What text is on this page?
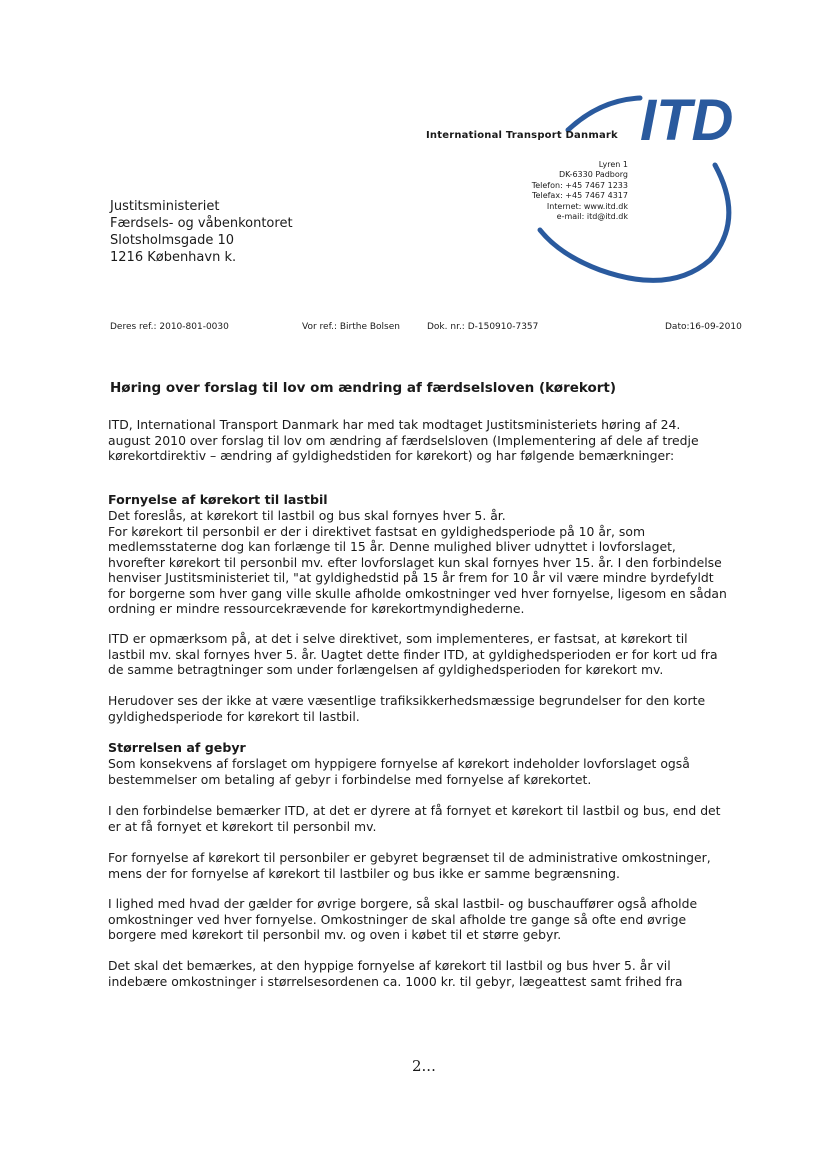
ITD
International Transport Danmark
Lyren 1
DK-6330 Padborg
Telefon: +45 7467 1233
Telefax: +45 7467 4317
Internet: www.itd.dk
e-mail: itd@itd.dk
Justitsministeriet
Færdsels- og våbenkontoret
Slotsholmsgade 10
1216 København k.
Deres ref.: 2010-801-0030	Vor ref.: Birthe Bolsen	Dok. nr.: D-150910-7357	Dato:16-09-2010
Høring over forslag til lov om ændring af færdselsloven (kørekort)

ITD, International Transport Danmark har med tak modtaget Justitsministeriets høring af 24.

august 2010 over forslag til lov om ændring af færdselsloven (Implementering af dele af tredje

kørekortdirektiv – ændring af gyldighedstiden for kørekort) og har følgende bemærkninger:

Fornyelse af kørekort til lastbil

Det foreslås, at kørekort til lastbil og bus skal fornyes hver 5. år.

For kørekort til personbil er der i direktivet fastsat en gyldighedsperiode på 10 år, som

medlemsstaterne dog kan forlænge til 15 år. Denne mulighed bliver udnyttet i lovforslaget,

hvorefter kørekort til personbil mv. efter lovforslaget kun skal fornyes hver 15. år. I den forbindelse

henviser Justitsministeriet til, "at gyldighedstid på 15 år frem for 10 år vil være mindre byrdefyldt

for borgerne som hver gang ville skulle afholde omkostninger ved hver fornyelse, ligesom en sådan

ordning er mindre ressourcekrævende for kørekortmyndighederne.

ITD er opmærksom på, at det i selve direktivet, som implementeres, er fastsat, at kørekort til

lastbil mv. skal fornyes hver 5. år. Uagtet dette finder ITD, at gyldighedsperioden er for kort ud fra

de samme betragtninger som under forlængelsen af gyldighedsperioden for kørekort mv.

Herudover ses der ikke at være væsentlige trafiksikkerhedsmæssige begrundelser for den korte

gyldighedsperiode for kørekort til lastbil.

Størrelsen af gebyr

Som konsekvens af forslaget om hyppigere fornyelse af kørekort indeholder lovforslaget også

bestemmelser om betaling af gebyr i forbindelse med fornyelse af kørekortet.

I den forbindelse bemærker ITD, at det er dyrere at få fornyet et kørekort til lastbil og bus, end det

er at få fornyet et kørekort til personbil mv.

For fornyelse af kørekort til personbiler er gebyret begrænset til de administrative omkostninger,

mens der for fornyelse af kørekort til lastbiler og bus ikke er samme begrænsning.

I lighed med hvad der gælder for øvrige borgere, så skal lastbil- og buschauffører også afholde

omkostninger ved hver fornyelse. Omkostninger de skal afholde tre gange så ofte end øvrige

borgere med kørekort til personbil mv. og oven i købet til et større gebyr.

Det skal det bemærkes, at den hyppige fornyelse af kørekort til lastbil og bus hver 5. år vil

indebære omkostninger i størrelsesordenen ca. 1000 kr. til gebyr, lægeattest samt frihed fra

2...
